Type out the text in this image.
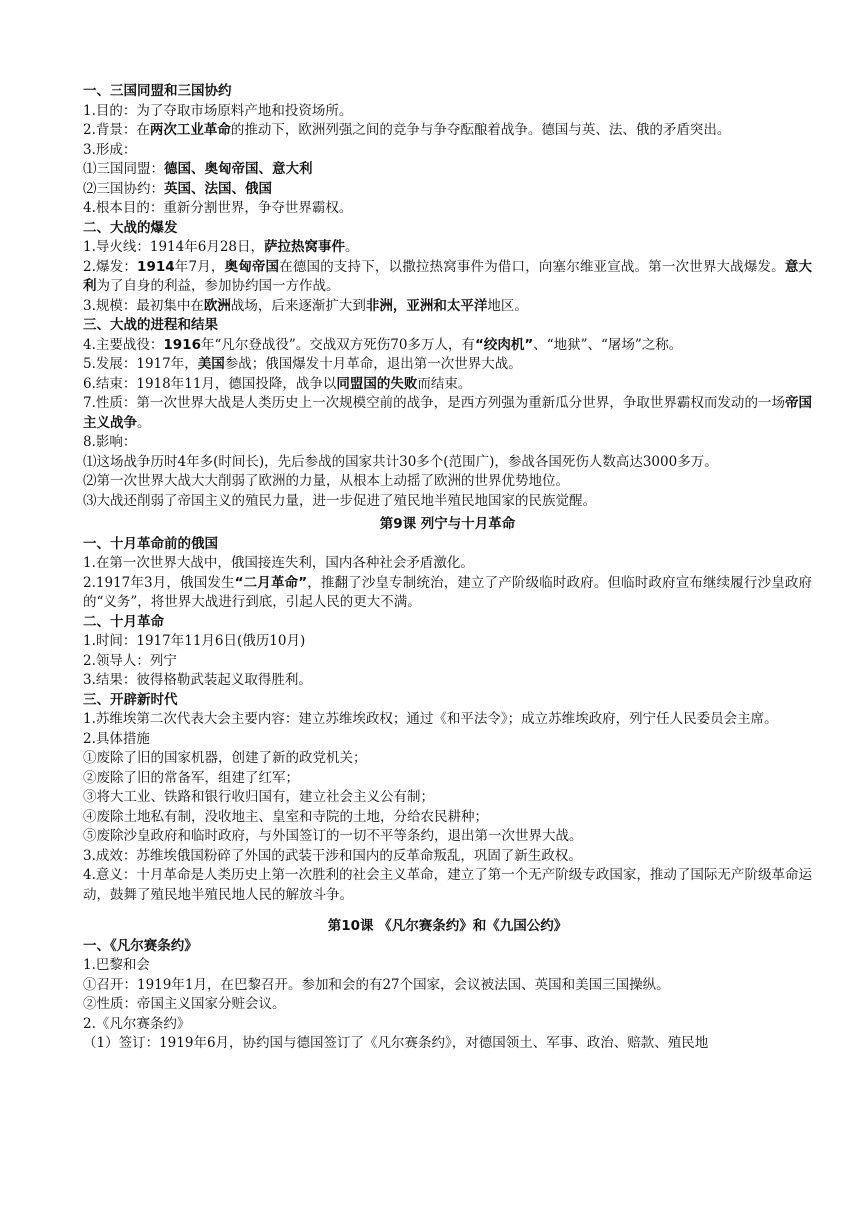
一、三国同盟和三国协约

1.目的：为了夺取市场原料产地和投资场所。

2.背景：在两次工业革命的推动下，欧洲列强之间的竞争与争夺酝酿着战争。德国与英、法、俄的矛盾突出。

3.形成：

⑴三国同盟：德国、奥匈帝国、意大利

⑵三国协约：英国、法国、俄国

4.根本目的：重新分割世界，争夺世界霸权。

二、大战的爆发

1.导火线：1914年6月28日，萨拉热窝事件。

2.爆发：1914年7月，奥匈帝国在德国的支持下，以撒拉热窝事件为借口，向塞尔维亚宣战。第一次世界大战爆发。意大利为了自身的利益，参加协约国一方作战。

3.规模：最初集中在欧洲战场，后来逐渐扩大到非洲，亚洲和太平洋地区。

三、大战的进程和结果

4.主要战役：1916年“凡尔登战役”。交战双方死伤70多万人，有“绞肉机”、“地狱”、“屠场”之称。

5.发展：1917年，美国参战；俄国爆发十月革命，退出第一次世界大战。

6.结束：1918年11月，德国投降，战争以同盟国的失败而结束。

7.性质：第一次世界大战是人类历史上一次规模空前的战争，是西方列强为重新瓜分世界，争取世界霸权而发动的一场帝国主义战争。

8.影响：

⑴这场战争历时4年多(时间长)，先后参战的国家共计30多个(范围广)，参战各国死伤人数高达3000多万。

⑵第一次世界大战大大削弱了欧洲的力量，从根本上动摇了欧洲的世界优势地位。

⑶大战还削弱了帝国主义的殖民力量，进一步促进了殖民地半殖民地国家的民族觉醒。

第9课 列宁与十月革命

一、十月革命前的俄国

1.在第一次世界大战中，俄国接连失利，国内各种社会矛盾激化。

2.1917年3月，俄国发生“二月革命”，推翻了沙皇专制统治，建立了产阶级临时政府。但临时政府宣布继续履行沙皇政府的“义务”，将世界大战进行到底，引起人民的更大不满。

二、十月革命

1.时间：1917年11月6日(俄历10月)

2.领导人：列宁

3.结果：彼得格勒武装起义取得胜利。

三、开辟新时代

1.苏维埃第二次代表大会主要内容：建立苏维埃政权；通过《和平法令》；成立苏维埃政府，列宁任人民委员会主席。

2.具体措施

①废除了旧的国家机器，创建了新的政党机关；

②废除了旧的常备军，组建了红军；

③将大工业、铁路和银行收归国有，建立社会主义公有制；

④废除土地私有制，没收地主、皇室和寺院的土地，分给农民耕种；

⑤废除沙皇政府和临时政府，与外国签订的一切不平等条约，退出第一次世界大战。

3.成效：苏维埃俄国粉碎了外国的武装干涉和国内的反革命叛乱，巩固了新生政权。

4.意义：十月革命是人类历史上第一次胜利的社会主义革命，建立了第一个无产阶级专政国家，推动了国际无产阶级革命运动，鼓舞了殖民地半殖民地人民的解放斗争。

第10课 《凡尔赛条约》和《九国公约》

一、《凡尔赛条约》

1.巴黎和会

①召开：1919年1月，在巴黎召开。参加和会的有27个国家，会议被法国、英国和美国三国操纵。

②性质：帝国主义国家分赃会议。

2.《凡尔赛条约》

（1）签订：1919年6月，协约国与德国签订了《凡尔赛条约》，对德国领土、军事、政治、赔款、殖民地
